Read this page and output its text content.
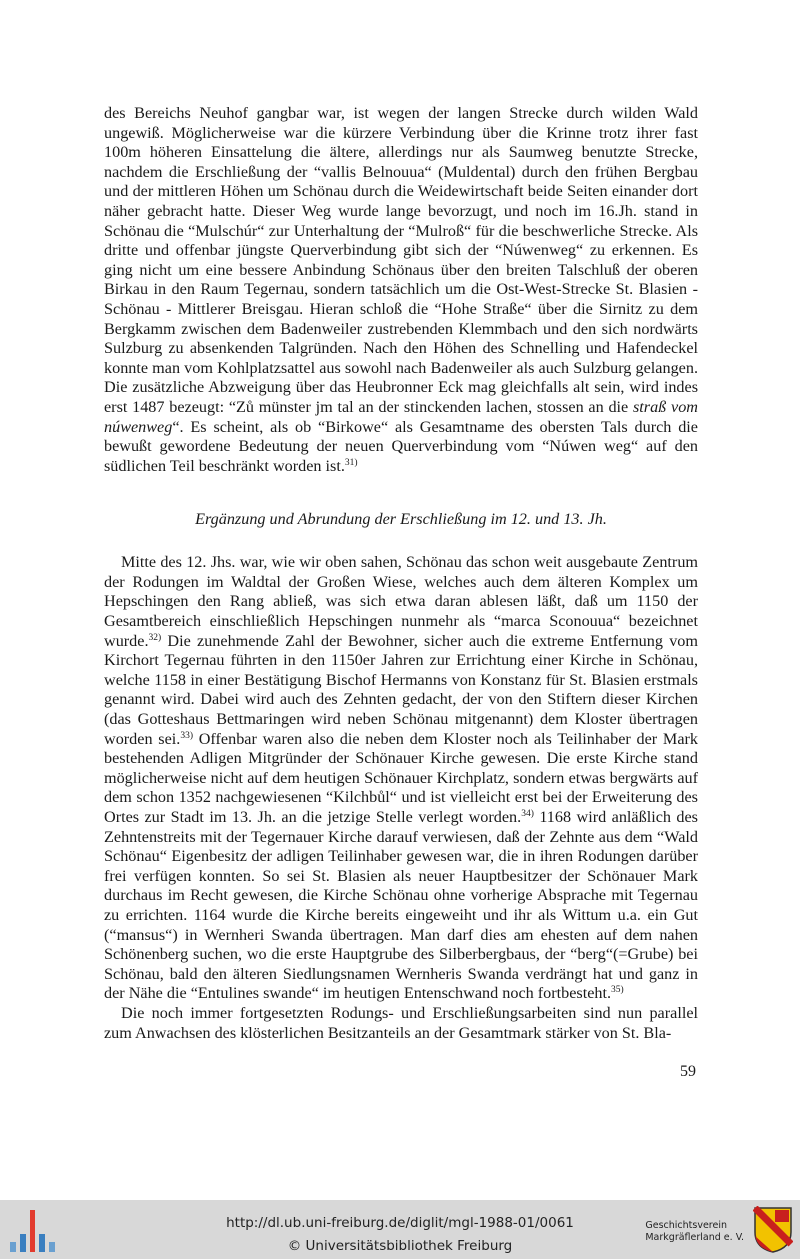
des Bereichs Neuhof gangbar war, ist wegen der langen Strecke durch wilden Wald ungewiß. Möglicherweise war die kürzere Verbindung über die Krinne trotz ihrer fast 100m höheren Einsattelung die ältere, allerdings nur als Saumweg benutzte Strecke, nachdem die Erschließung der “vallis Belnouua“ (Muldental) durch den frühen Bergbau und der mittleren Höhen um Schönau durch die Weidewirtschaft beide Seiten einander dort näher gebracht hatte. Dieser Weg wurde lange bevorzugt, und noch im 16.Jh. stand in Schönau die “Mulschúr“ zur Unterhaltung der “Mulroß“ für die beschwerliche Strecke. Als dritte und offenbar jüngste Querverbindung gibt sich der “Núwenweg“ zu erkennen. Es ging nicht um eine bessere Anbindung Schönaus über den breiten Talschluß der oberen Birkau in den Raum Tegernau, sondern tatsächlich um die Ost-West-Strecke St. Blasien - Schönau - Mittlerer Breisgau. Hieran schloß die “Hohe Straße“ über die Sirnitz zu dem Bergkamm zwischen dem Badenweiler zustrebenden Klemmbach und den sich nordwärts Sulzburg zu absenkenden Talgründen. Nach den Höhen des Schnelling und Hafendeckel konnte man vom Kohlplatzsattel aus sowohl nach Badenweiler als auch Sulzburg gelangen. Die zusätzliche Abzweigung über das Heubronner Eck mag gleichfalls alt sein, wird indes erst 1487 bezeugt: “Zů münster jm tal an der stinckenden lachen, stossen an die straß vom núwenweg“. Es scheint, als ob “Birkowe“ als Gesamtname des obersten Tals durch die bewußt gewordene Bedeutung der neuen Querverbindung vom “Núwen weg“ auf den südlichen Teil beschränkt worden ist.$^{31)}$

Ergänzung und Abrundung der Erschließung im 12. und 13. Jh.

Mitte des 12. Jhs. war, wie wir oben sahen, Schönau das schon weit ausgebaute Zentrum der Rodungen im Waldtal der Großen Wiese, welches auch dem älteren Komplex um Hepschingen den Rang abließ, was sich etwa daran ablesen läßt, daß um 1150 der Gesamtbereich einschließlich Hepschingen nunmehr als “marca Sconouua“ bezeichnet wurde.$^{32)}$ Die zunehmende Zahl der Bewohner, sicher auch die extreme Entfernung vom Kirchort Tegernau führten in den 1150er Jahren zur Errichtung einer Kirche in Schönau, welche 1158 in einer Bestätigung Bischof Hermanns von Konstanz für St. Blasien erstmals genannt wird. Dabei wird auch des Zehnten gedacht, der von den Stiftern dieser Kirchen (das Gotteshaus Bettmaringen wird neben Schönau mitgenannt) dem Kloster übertragen worden sei.$^{33)}$ Offenbar waren also die neben dem Kloster noch als Teilinhaber der Mark bestehenden Adligen Mitgründer der Schönauer Kirche gewesen. Die erste Kirche stand möglicherweise nicht auf dem heutigen Schönauer Kirchplatz, sondern etwas bergwärts auf dem schon 1352 nachgewiesenen “Kilchbůl“ und ist vielleicht erst bei der Erweiterung des Ortes zur Stadt im 13. Jh. an die jetzige Stelle verlegt worden.$^{34)}$ 1168 wird anläßlich des Zehntenstreits mit der Tegernauer Kirche darauf verwiesen, daß der Zehnte aus dem “Wald Schönau“ Eigenbesitz der adligen Teilinhaber gewesen war, die in ihren Rodungen darüber frei verfügen konnten. So sei St. Blasien als neuer Hauptbesitzer der Schönauer Mark durchaus im Recht gewesen, die Kirche Schönau ohne vorherige Absprache mit Tegernau zu errichten. 1164 wurde die Kirche bereits eingeweiht und ihr als Wittum u.a. ein Gut (“mansus“) in Wernheri Swanda übertragen. Man darf dies am ehesten auf dem nahen Schönenberg suchen, wo die erste Hauptgrube des Silberbergbaus, der “berg“(=Grube) bei Schönau, bald den älteren Siedlungsnamen Wernheris Swanda verdrängt hat und ganz in der Nähe die “Entulines swande“ im heutigen Entenschwand noch fortbesteht.$^{35)}$

Die noch immer fortgesetzten Rodungs- und Erschließungsarbeiten sind nun parallel zum Anwachsen des klösterlichen Besitzanteils an der Gesamtmark stärker von St. Bla-

59
http://dl.ub.uni-freiburg.de/diglit/mgl-1988-01/0061
© Universitätsbibliothek Freiburg
Geschichtsverein
Markgräflerland e. V.
